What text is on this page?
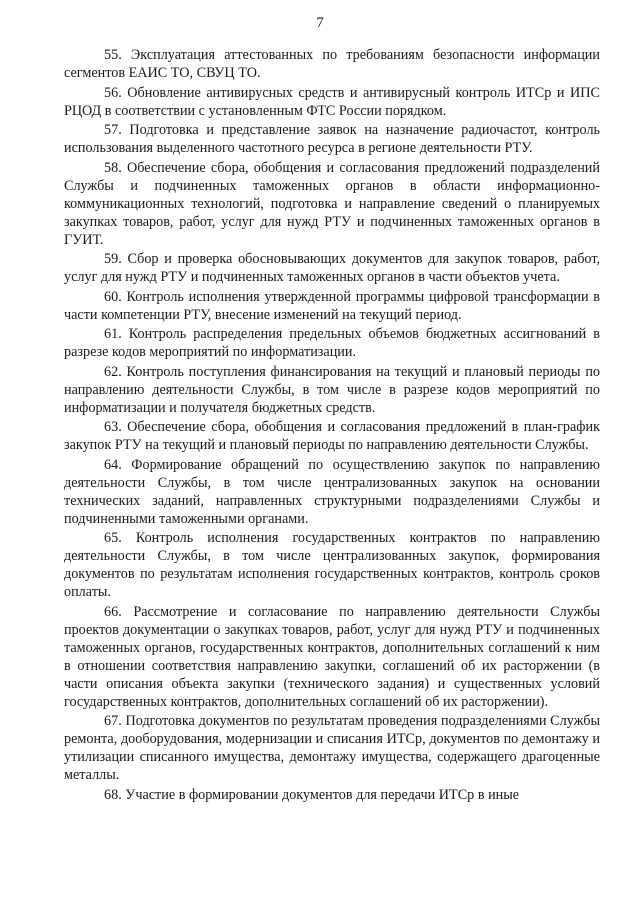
7

55. Эксплуатация аттестованных по требованиям безопасности информации сегментов ЕАИС ТО, СВУЦ ТО.

56. Обновление антивирусных средств и антивирусный контроль ИТСр и ИПС РЦОД в соответствии с установленным ФТС России порядком.

57. Подготовка и представление заявок на назначение радиочастот, контроль использования выделенного частотного ресурса в регионе деятельности РТУ.

58. Обеспечение сбора, обобщения и согласования предложений подразделений Службы и подчиненных таможенных органов в области информационно-коммуникационных технологий, подготовка и направление сведений о планируемых закупках товаров, работ, услуг для нужд РТУ и подчиненных таможенных органов в ГУИТ.

59. Сбор и проверка обосновывающих документов для закупок товаров, работ, услуг для нужд РТУ и подчиненных таможенных органов в части объектов учета.

60. Контроль исполнения утвержденной программы цифровой трансформации в части компетенции РТУ, внесение изменений на текущий период.

61. Контроль распределения предельных объемов бюджетных ассигнований в разрезе кодов мероприятий по информатизации.

62. Контроль поступления финансирования на текущий и плановый периоды по направлению деятельности Службы, в том числе в разрезе кодов мероприятий по информатизации и получателя бюджетных средств.

63. Обеспечение сбора, обобщения и согласования предложений в план-график закупок РТУ на текущий и плановый периоды по направлению деятельности Службы.

64. Формирование обращений по осуществлению закупок по направлению деятельности Службы, в том числе централизованных закупок на основании технических заданий, направленных структурными подразделениями Службы и подчиненными таможенными органами.

65. Контроль исполнения государственных контрактов по направлению деятельности Службы, в том числе централизованных закупок, формирования документов по результатам исполнения государственных контрактов, контроль сроков оплаты.

66. Рассмотрение и согласование по направлению деятельности Службы проектов документации о закупках товаров, работ, услуг для нужд РТУ и подчиненных таможенных органов, государственных контрактов, дополнительных соглашений к ним в отношении соответствия направлению закупки, соглашений об их расторжении (в части описания объекта закупки (технического задания) и существенных условий государственных контрактов, дополнительных соглашений об их расторжении).

67. Подготовка документов по результатам проведения подразделениями Службы ремонта, дооборудования, модернизации и списания ИТСр, документов по демонтажу и утилизации списанного имущества, демонтажу имущества, содержащего драгоценные металлы.

68. Участие в формировании документов для передачи ИТСр в иные
